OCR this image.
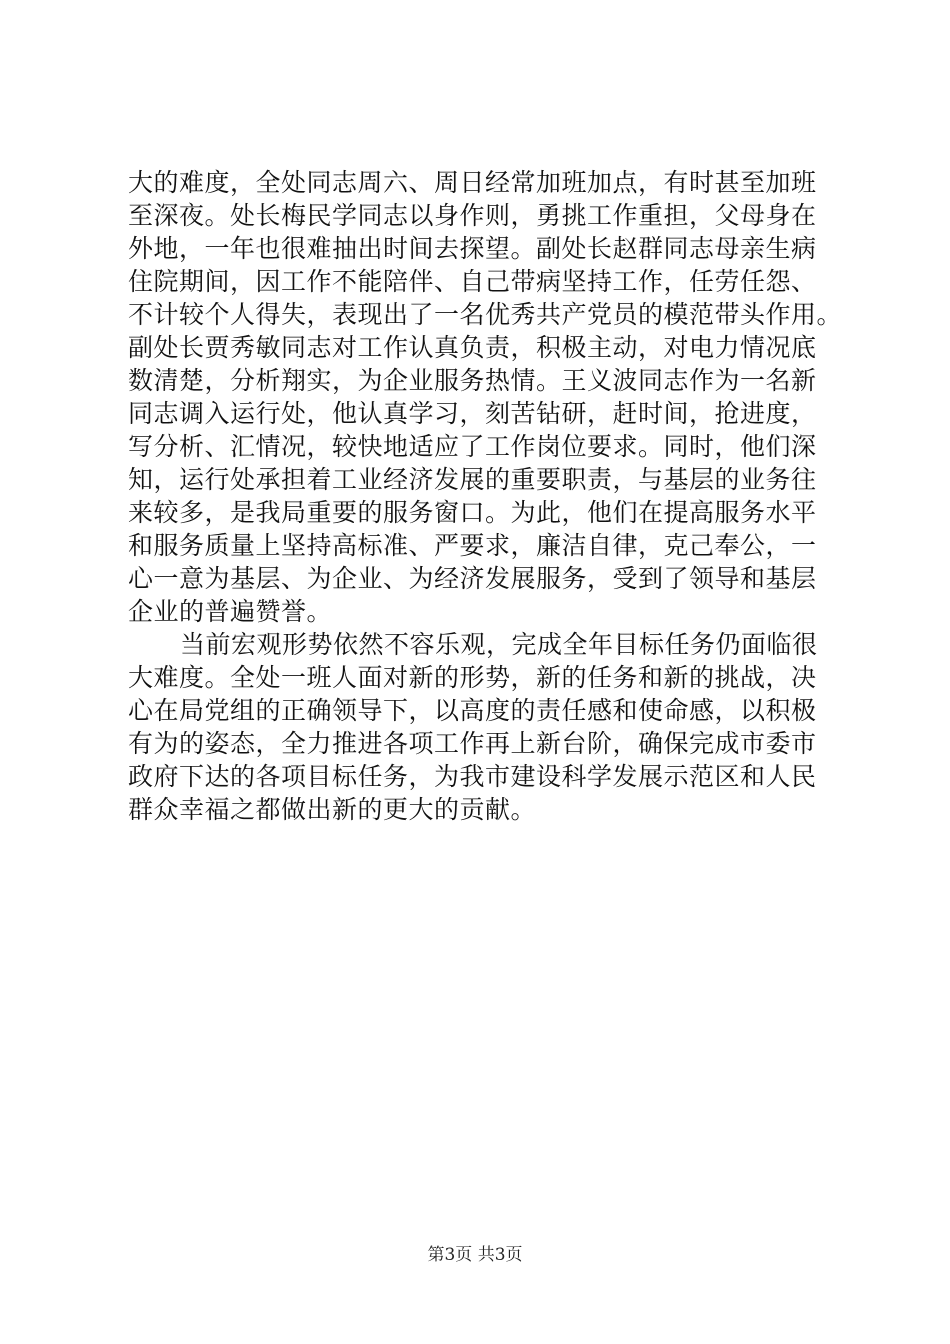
大的难度，全处同志周六、周日经常加班加点，有时甚至加班
至深夜。处长梅民学同志以身作则，勇挑工作重担，父母身在
外地，一年也很难抽出时间去探望。副处长赵群同志母亲生病
住院期间，因工作不能陪伴、自己带病坚持工作，任劳任怨、
不计较个人得失，表现出了一名优秀共产党员的模范带头作用。
副处长贾秀敏同志对工作认真负责，积极主动，对电力情况底
数清楚，分析翔实，为企业服务热情。王义波同志作为一名新
同志调入运行处，他认真学习，刻苦钻研，赶时间，抢进度，
写分析、汇情况，较快地适应了工作岗位要求。同时，他们深
知，运行处承担着工业经济发展的重要职责，与基层的业务往
来较多，是我局重要的服务窗口。为此，他们在提高服务水平
和服务质量上坚持高标准、严要求，廉洁自律，克己奉公，一
心一意为基层、为企业、为经济发展服务，受到了领导和基层
企业的普遍赞誉。
当前宏观形势依然不容乐观，完成全年目标任务仍面临很
大难度。全处一班人面对新的形势，新的任务和新的挑战，决
心在局党组的正确领导下，以高度的责任感和使命感，以积极
有为的姿态，全力推进各项工作再上新台阶，确保完成市委市
政府下达的各项目标任务，为我市建设科学发展示范区和人民
群众幸福之都做出新的更大的贡献。
第3页 共3页
